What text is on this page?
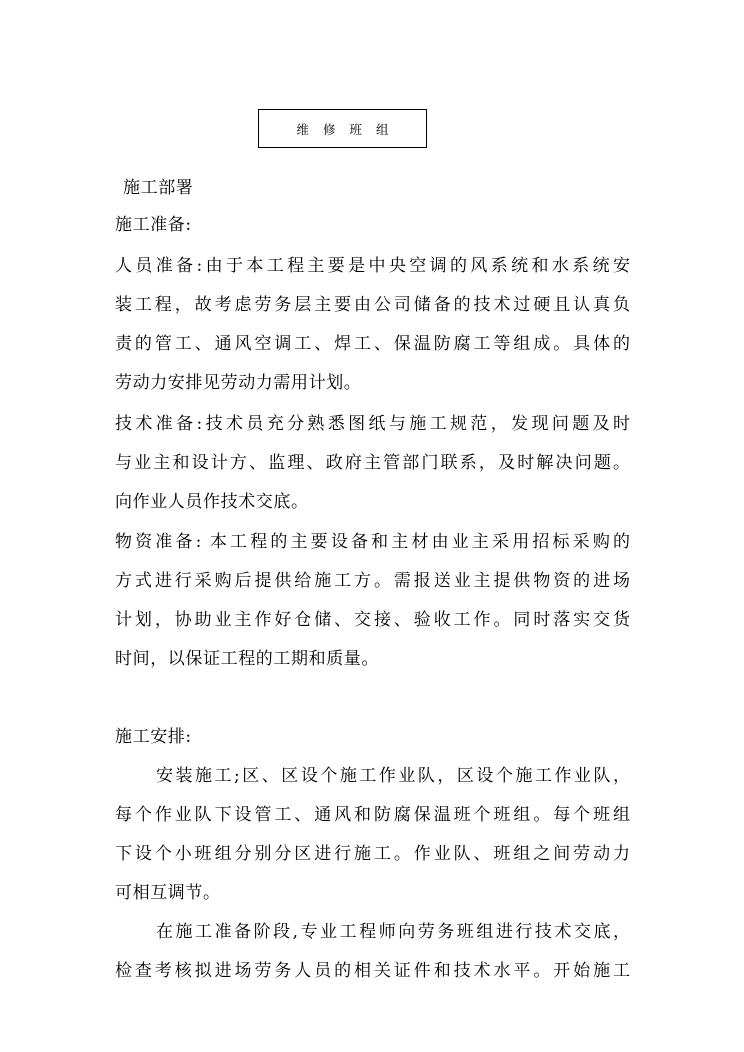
维 修 班 组
施工部署
施工准备:
人员准备:由于本工程主要是中央空调的风系统和水系统安
装工程，故考虑劳务层主要由公司储备的技术过硬且认真负
责的管工、通风空调工、焊工、保温防腐工等组成。具体的
劳动力安排见劳动力需用计划。
技术准备:技术员充分熟悉图纸与施工规范，发现问题及时
与业主和设计方、监理、政府主管部门联系，及时解决问题。
向作业人员作技术交底。
物资准备: 本工程的主要设备和主材由业主采用招标采购的
方式进行采购后提供给施工方。需报送业主提供物资的进场
计划，协助业主作好仓储、交接、验收工作。同时落实交货
时间，以保证工程的工期和质量。
施工安排:
安装施工;区、区设个施工作业队，区设个施工作业队，
每个作业队下设管工、通风和防腐保温班个班组。每个班组
下设个小班组分别分区进行施工。作业队、班组之间劳动力
可相互调节。
在施工准备阶段,专业工程师向劳务班组进行技术交底，
检查考核拟进场劳务人员的相关证件和技术水平。开始施工
